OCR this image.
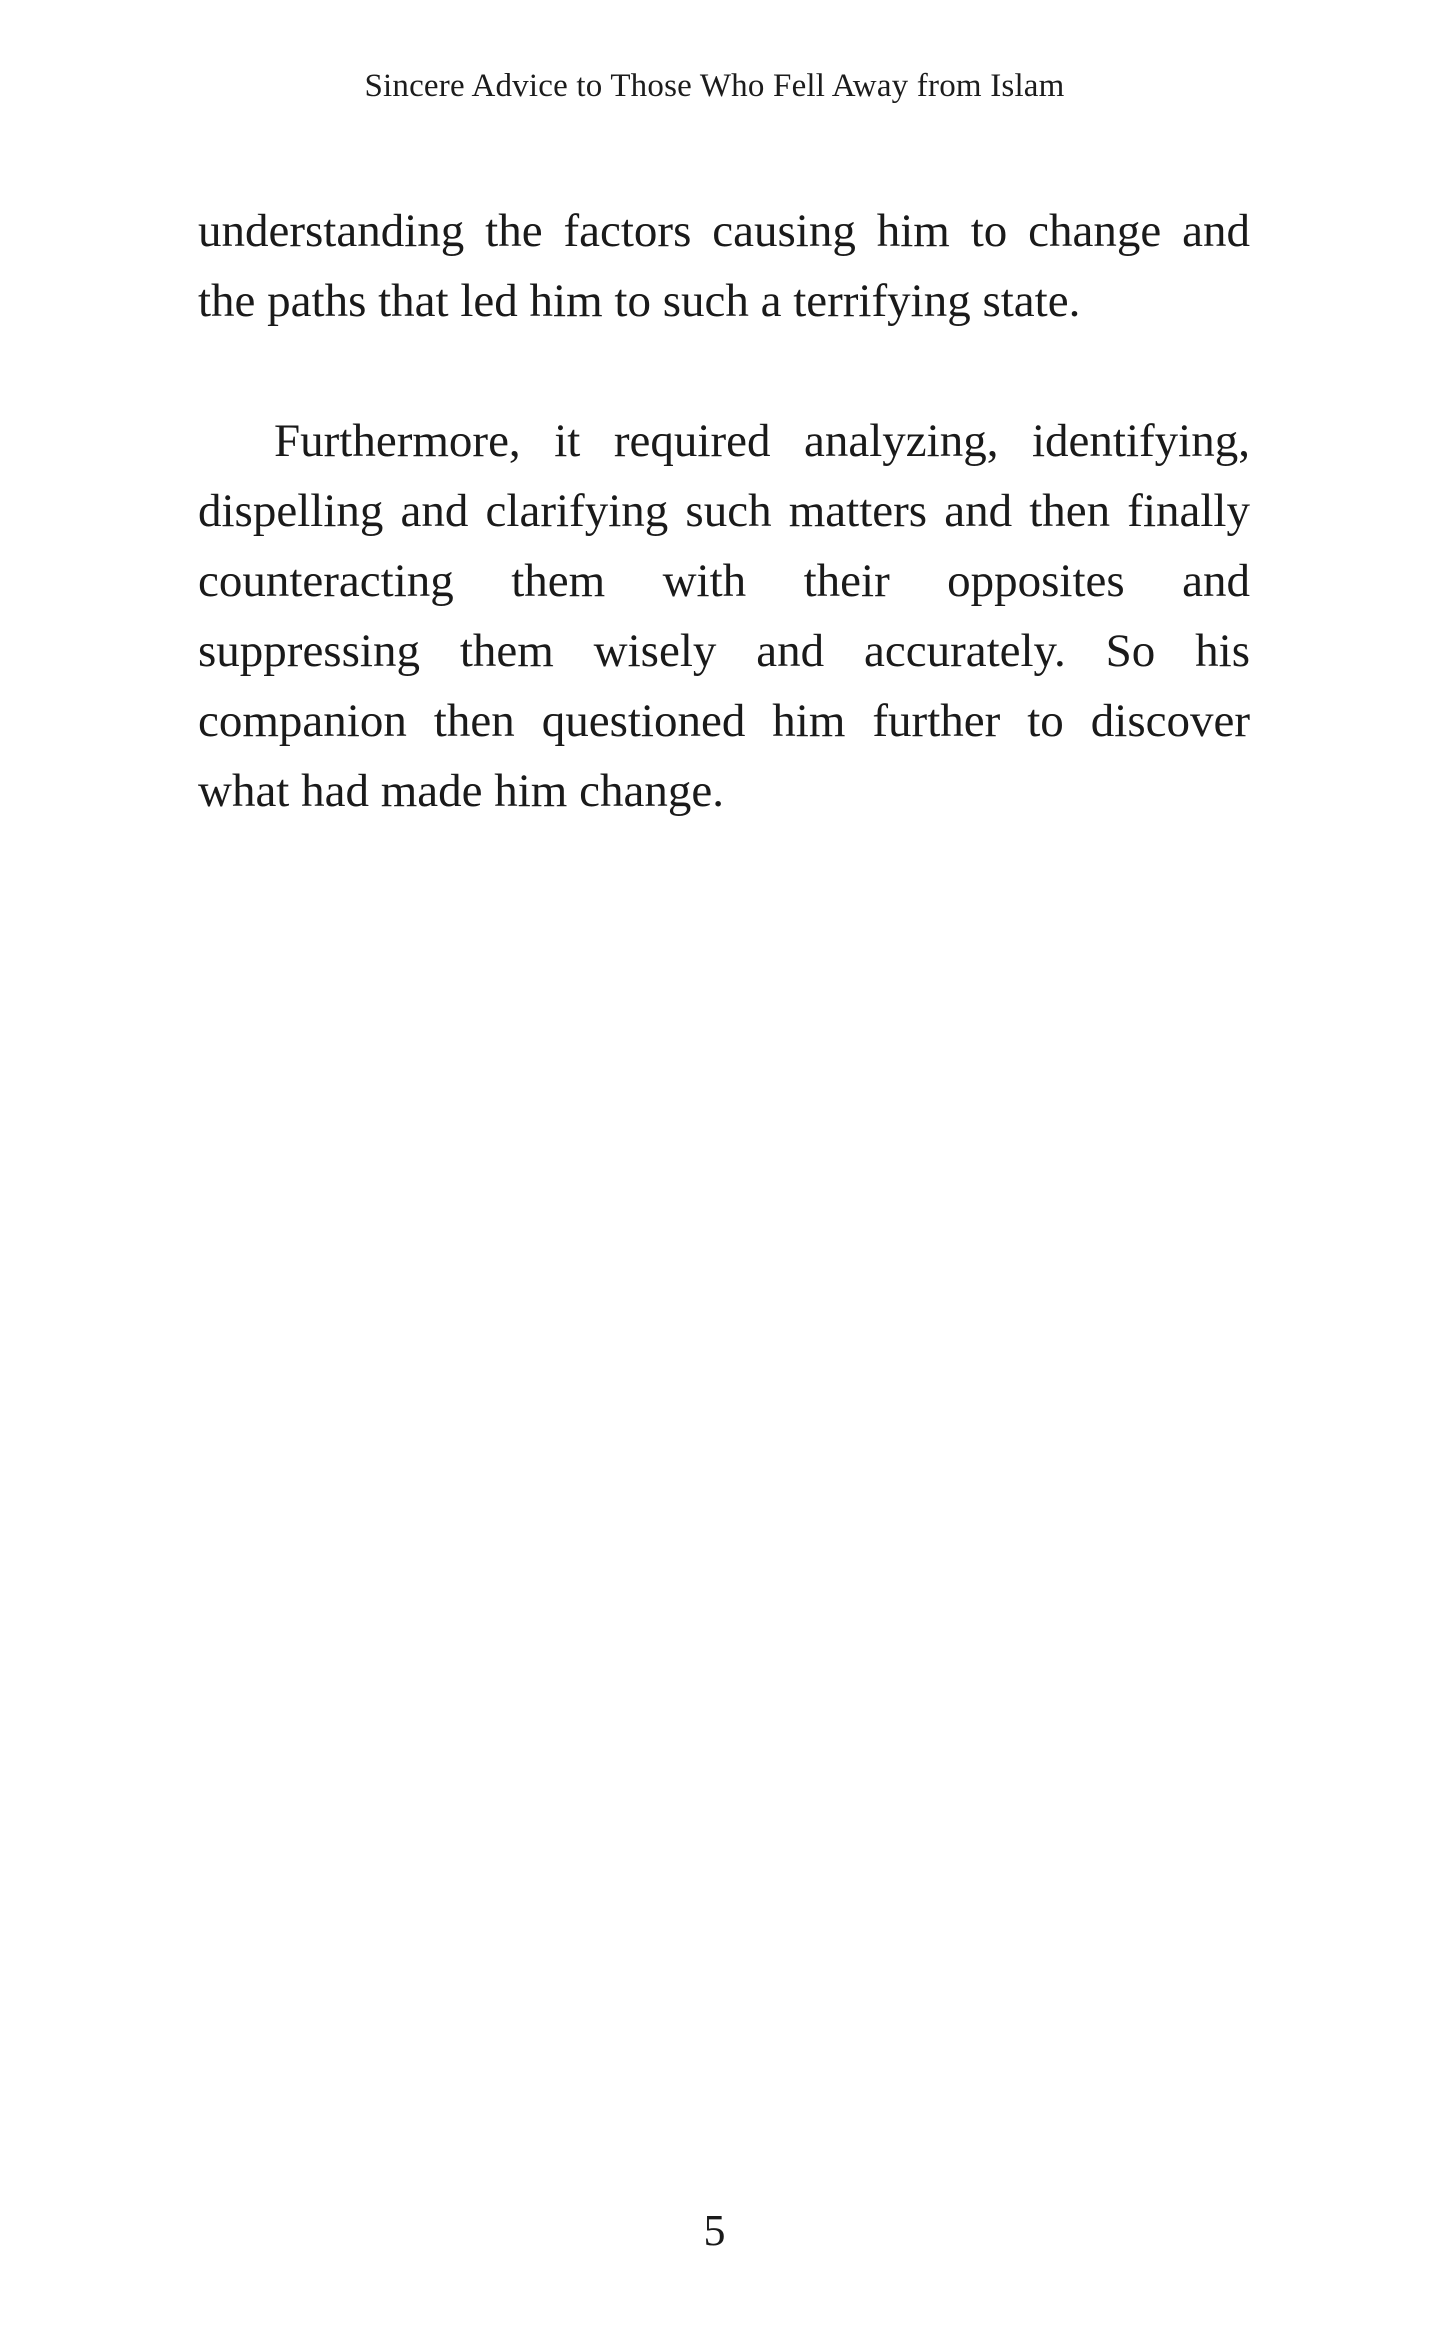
Sincere Advice to Those Who Fell Away from Islam

understanding the factors causing him to change and the paths that led him to such a terrifying state.

Furthermore, it required analyzing, identifying, dispelling and clarifying such matters and then finally counteracting them with their opposites and suppressing them wisely and accurately. So his companion then questioned him further to discover what had made him change.

5
